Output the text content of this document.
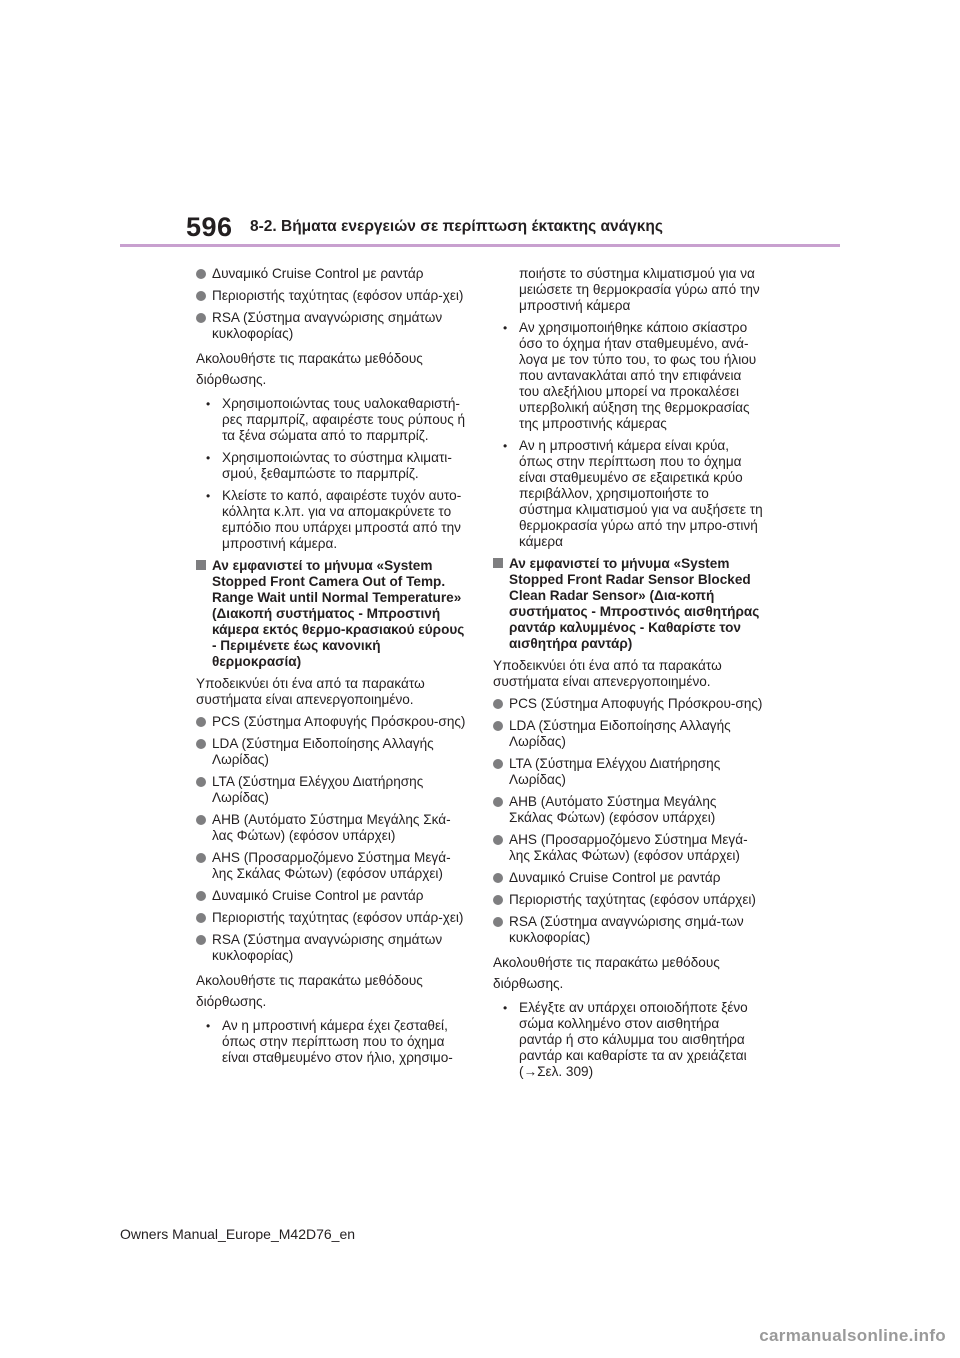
596 8-2. Βήματα ενεργειών σε περίπτωση έκτακτης ανάγκης
Δυναμικό Cruise Control με ραντάρ
Περιοριστής ταχύτητας (εφόσον υπάρ-χει)
RSA (Σύστημα αναγνώρισης σημάτων κυκλοφορίας)
Ακολουθήστε τις παρακάτω μεθόδους διόρθωσης.
• Χρησιμοποιώντας τους υαλοκαθαριστή-ρες παρμπρίζ, αφαιρέστε τους ρύπους ή τα ξένα σώματα από το παρμπρίζ.
• Χρησιμοποιώντας το σύστημα κλιματι-σμού, ξεθαμπώστε το παρμπρίζ.
• Κλείστε το καπό, αφαιρέστε τυχόν αυτο-κόλλητα κ.λπ. για να απομακρύνετε το εμπόδιο που υπάρχει μπροστά από την μπροστινή κάμερα.
Αν εμφανιστεί το μήνυμα «System Stopped Front Camera Out of Temp. Range Wait until Normal Temperature» (Διακοπή συστήματος - Μπροστινή κάμερα εκτός θερμο-κρασιακού εύρους - Περιμένετε έως κανονική θερμοκρασία)
Υποδεικνύει ότι ένα από τα παρακάτω συστήματα είναι απενεργοποιημένο.
PCS (Σύστημα Αποφυγής Πρόσκρου-σης)
LDA (Σύστημα Ειδοποίησης Αλλαγής Λωρίδας)
LTA (Σύστημα Ελέγχου Διατήρησης Λωρίδας)
AHB (Αυτόματο Σύστημα Μεγάλης Σκά-λας Φώτων) (εφόσον υπάρχει)
AHS (Προσαρμοζόμενο Σύστημα Μεγά-λης Σκάλας Φώτων) (εφόσον υπάρχει)
Δυναμικό Cruise Control με ραντάρ
Περιοριστής ταχύτητας (εφόσον υπάρ-χει)
RSA (Σύστημα αναγνώρισης σημάτων κυκλοφορίας)
Ακολουθήστε τις παρακάτω μεθόδους διόρθωσης.
• Αν η μπροστινή κάμερα έχει ζεσταθεί, όπως στην περίπτωση που το όχημα είναι σταθμευμένο στον ήλιο, χρησιμο-
ποιήστε το σύστημα κλιματισμού για να μειώσετε τη θερμοκρασία γύρω από την μπροστινή κάμερα
• Αν χρησιμοποιήθηκε κάποιο σκίαστρο όσο το όχημα ήταν σταθμευμένο, ανά-λογα με τον τύπο του, το φως του ήλιου που αντανακλάται από την επιφάνεια του αλεξήλιου μπορεί να προκαλέσει υπερβολική αύξηση της θερμοκρασίας της μπροστινής κάμερας
• Αν η μπροστινή κάμερα είναι κρύα, όπως στην περίπτωση που το όχημα είναι σταθμευμένο σε εξαιρετικά κρύο περιβάλλον, χρησιμοποιήστε το σύστημα κλιματισμού για να αυξήσετε τη θερμοκρασία γύρω από την μπρο-στινή κάμερα
Αν εμφανιστεί το μήνυμα «System Stopped Front Radar Sensor Blocked Clean Radar Sensor» (Δια-κοπή συστήματος - Μπροστινός αισθητήρας ραντάρ καλυμμένος - Καθαρίστε τον αισθητήρα ραντάρ)
Υποδεικνύει ότι ένα από τα παρακάτω συστήματα είναι απενεργοποιημένο.
PCS (Σύστημα Αποφυγής Πρόσκρου-σης)
LDA (Σύστημα Ειδοποίησης Αλλαγής Λωρίδας)
LTA (Σύστημα Ελέγχου Διατήρησης Λωρίδας)
AHB (Αυτόματο Σύστημα Μεγάλης Σκάλας Φώτων) (εφόσον υπάρχει)
AHS (Προσαρμοζόμενο Σύστημα Μεγά-λης Σκάλας Φώτων) (εφόσον υπάρχει)
Δυναμικό Cruise Control με ραντάρ
Περιοριστής ταχύτητας (εφόσον υπάρχει)
RSA (Σύστημα αναγνώρισης σημά-των κυκλοφορίας)
Ακολουθήστε τις παρακάτω μεθόδους διόρθωσης.
• Ελέγξτε αν υπάρχει οποιοδήποτε ξένο σώμα κολλημένο στον αισθητήρα ραντάρ ή στο κάλυμμα του αισθητήρα ραντάρ και καθαρίστε τα αν χρειάζεται (→Σελ. 309)
Owners Manual_Europe_M42D76_en
carmanualsonline.info
